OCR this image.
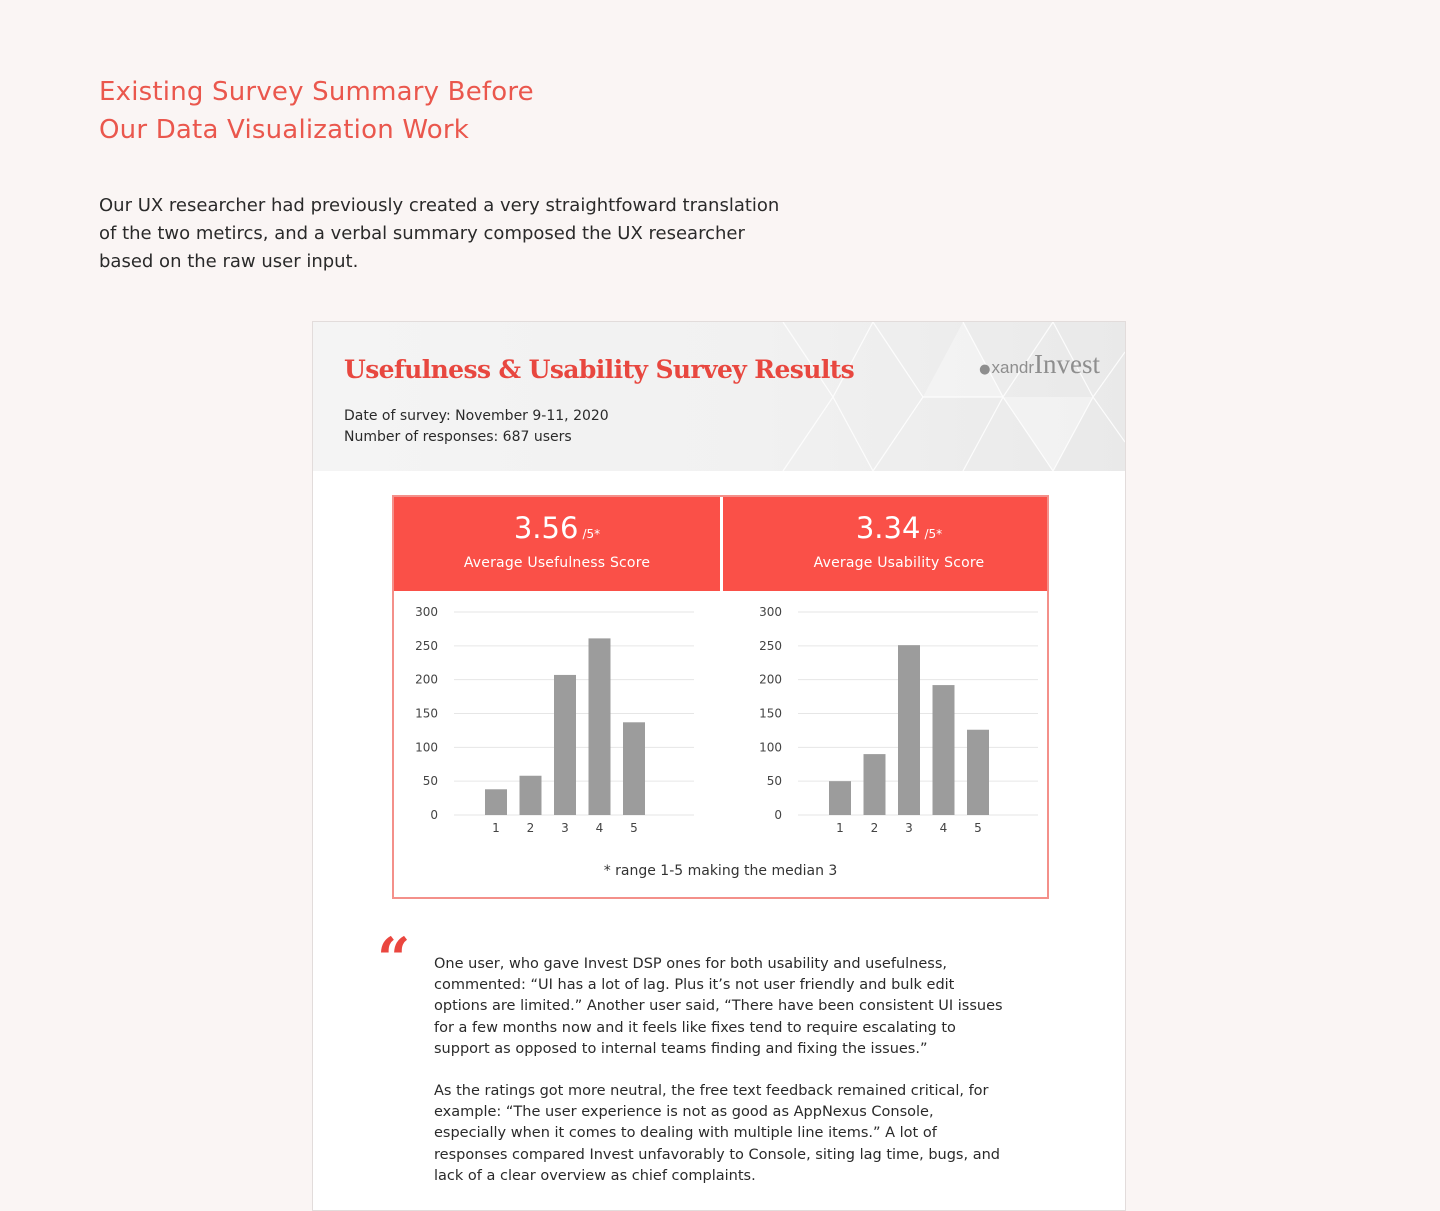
Existing Survey Summary Before
Our Data Visualization Work

Our UX researcher had previously created a very straightfoward translation
of the two metircs, and a verbal summary composed the UX researcher
based on the raw user input.

Usefulness & Usability Survey Results	● xandr Invest
Date of survey: November 9-11, 2020
Number of responses: 687 users
3.56 /5*
Average Usefulness Score
3.34 /5*
Average Usability Score
0
50
100
150
200
250
300
1 2 3 4 5
0
50
100
150
200
250
300
1 2 3 4 5
* range 1-5 making the median 3
“ One user, who gave Invest DSP ones for both usability and usefulness,
commented: “UI has a lot of lag. Plus it’s not user friendly and bulk edit
options are limited.” Another user said, “There have been consistent UI issues
for a few months now and it feels like fixes tend to require escalating to
support as opposed to internal teams finding and fixing the issues.”
As the ratings got more neutral, the free text feedback remained critical, for
example: “The user experience is not as good as AppNexus Console,
especially when it comes to dealing with multiple line items.” A lot of
responses compared Invest unfavorably to Console, siting lag time, bugs, and
lack of a clear overview as chief complaints.
